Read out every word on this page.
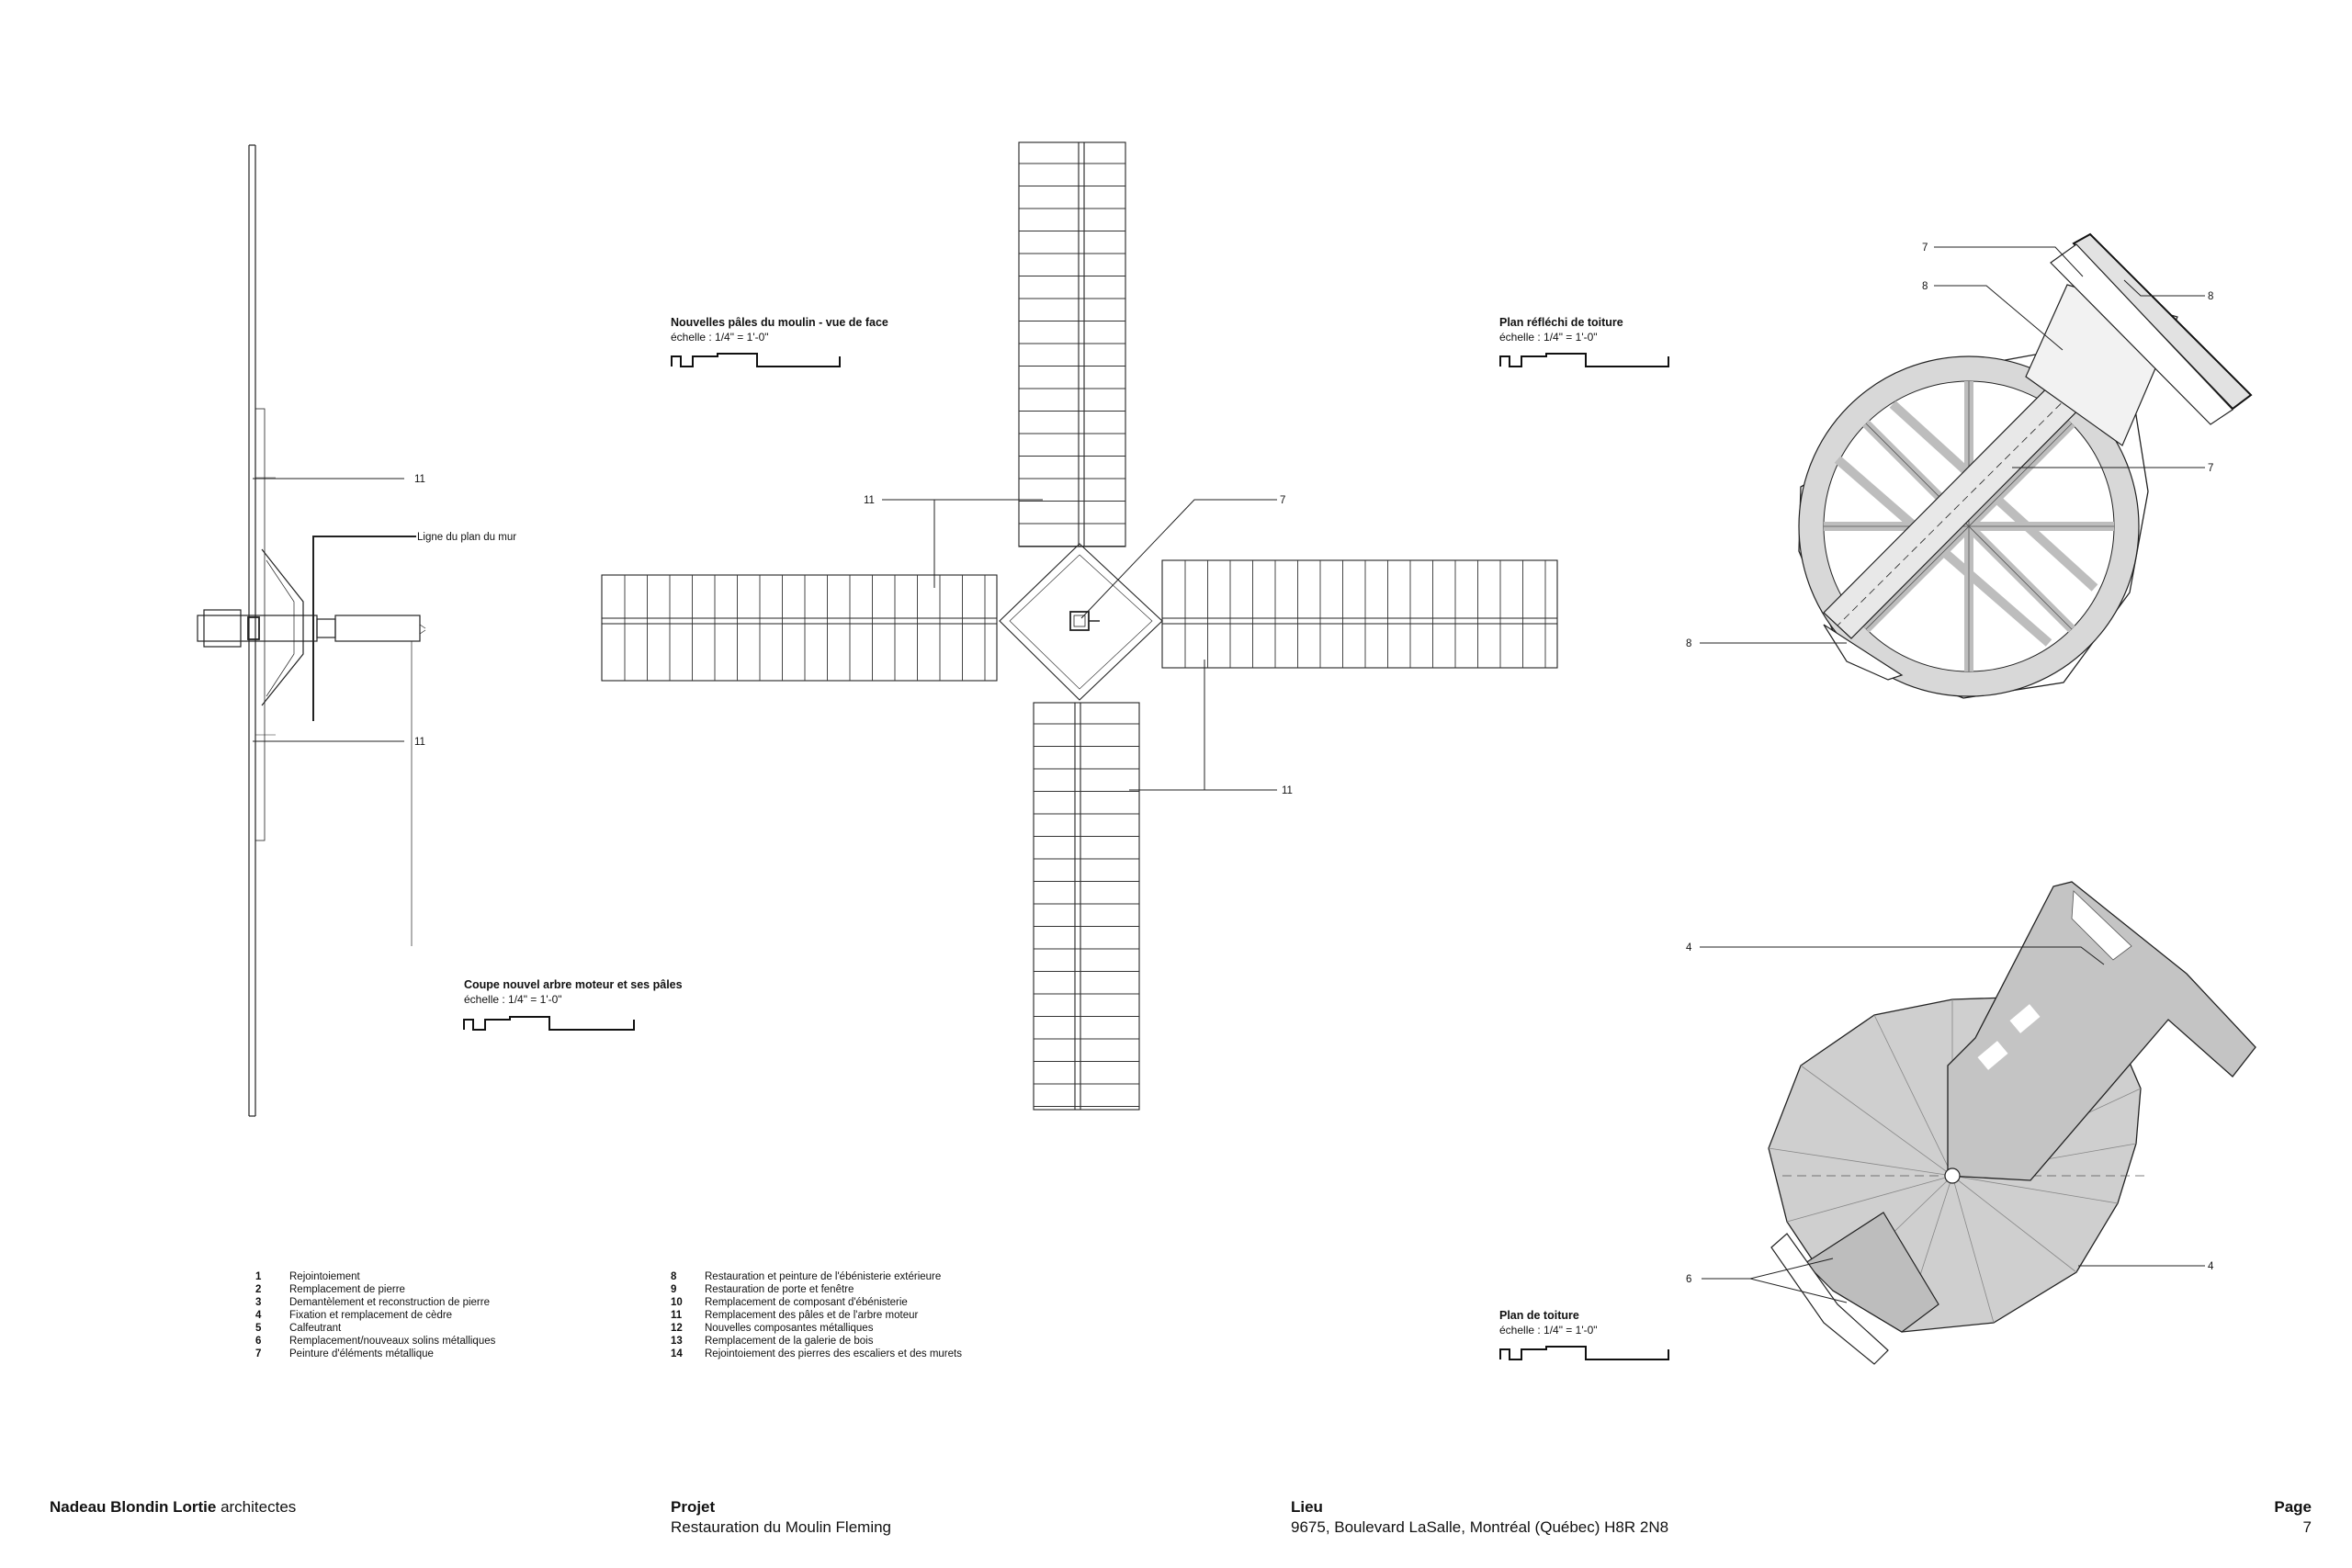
11
11
Ligne du plan du mur
Coupe nouvel arbre moteur et ses pâles
échelle : 1/4" = 1'-0"
11	7
11
Nouvelles pâles du moulin - vue de face
échelle : 1/4" = 1'-0"
7
8
8
7
8
Plan réfléchi de toiture
échelle : 1/4" = 1'-0"
4
4
6
Plan de toiture
échelle : 1/4" = 1'-0"
1	Rejointoiement
2	Remplacement de pierre
3	Demantèlement et reconstruction de pierre
4	Fixation et remplacement de cèdre
5	Calfeutrant
6	Remplacement/nouveaux solins métalliques
7	Peinture d'éléments métallique
8	Restauration et peinture de l'ébénisterie extérieure
9	Restauration de porte et fenêtre
10 Remplacement de composant d'ébénisterie
11 Remplacement des pâles et de l'arbre moteur
12 Nouvelles composantes métalliques
13 Remplacement de la galerie de bois
14 Rejointoiement des pierres des escaliers et des murets
Nadeau Blondin Lortie architectes	Projet
Restauration du Moulin Fleming
Lieu
9675, Boulevard LaSalle, Montréal (Québec) H8R 2N8
Page
7
